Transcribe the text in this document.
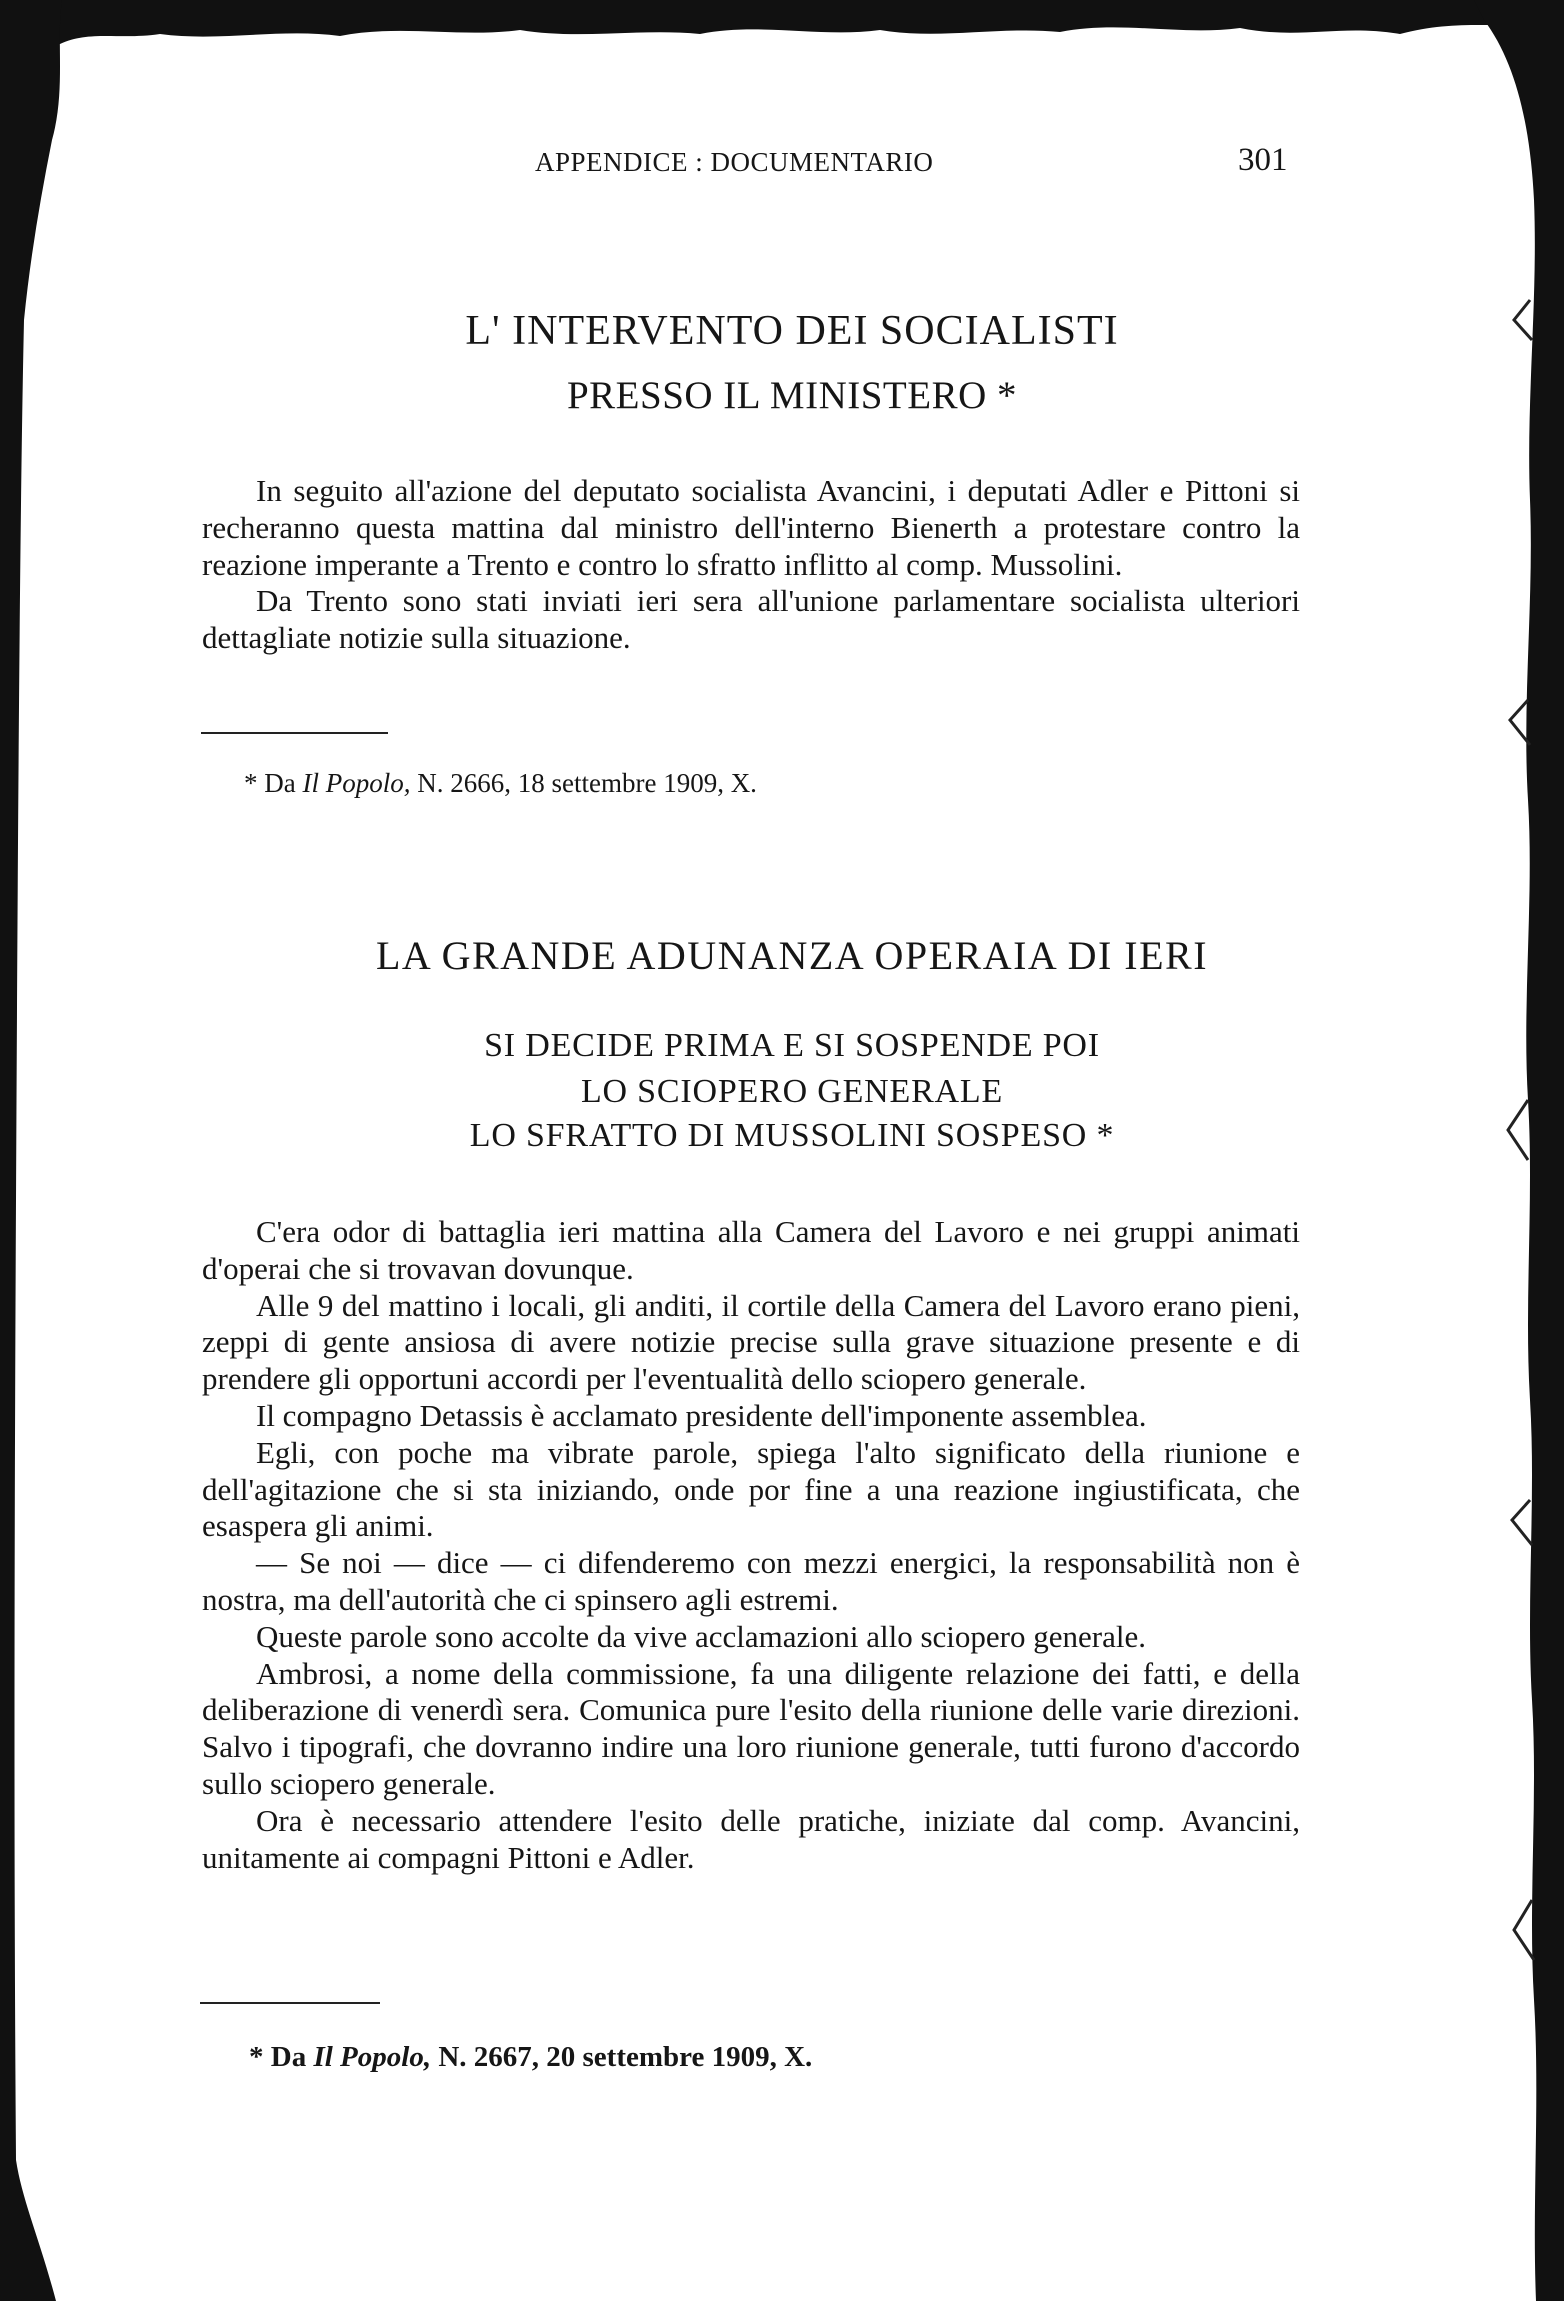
APPENDICE : DOCUMENTARIO	301
L' INTERVENTO DEI SOCIALISTI
PRESSO IL MINISTERO *

In seguito all'azione del deputato socialista Avancini, i deputati Adler e Pittoni si recheranno questa mattina dal ministro dell'interno Bienerth a protestare contro la reazione imperante a Trento e contro lo sfratto inflitto al comp. Mussolini.

Da Trento sono stati inviati ieri sera all'unione parlamentare socialista ulteriori dettagliate notizie sulla situazione.

* Da Il Popolo, N. 2666, 18 settembre 1909, X.
LA GRANDE ADUNANZA OPERAIA DI IERI
SI DECIDE PRIMA E SI SOSPENDE POI
LO SCIOPERO GENERALE
LO SFRATTO DI MUSSOLINI SOSPESO *

C'era odor di battaglia ieri mattina alla Camera del Lavoro e nei gruppi animati d'operai che si trovavan dovunque.

Alle 9 del mattino i locali, gli anditi, il cortile della Camera del Lavoro erano pieni, zeppi di gente ansiosa di avere notizie precise sulla grave situazione presente e di prendere gli opportuni accordi per l'eventualità dello sciopero generale.

Il compagno Detassis è acclamato presidente dell'imponente assemblea.

Egli, con poche ma vibrate parole, spiega l'alto significato della riunione e dell'agitazione che si sta iniziando, onde por fine a una reazione ingiustificata, che esaspera gli animi.

— Se noi — dice — ci difenderemo con mezzi energici, la responsabilità non è nostra, ma dell'autorità che ci spinsero agli estremi.

Queste parole sono accolte da vive acclamazioni allo sciopero generale.

Ambrosi, a nome della commissione, fa una diligente relazione dei fatti, e della deliberazione di venerdì sera. Comunica pure l'esito della riunione delle varie direzioni. Salvo i tipografi, che dovranno indire una loro riunione generale, tutti furono d'accordo sullo sciopero generale.

Ora è necessario attendere l'esito delle pratiche, iniziate dal comp. Avancini, unitamente ai compagni Pittoni e Adler.

* Da Il Popolo, N. 2667, 20 settembre 1909, X.
